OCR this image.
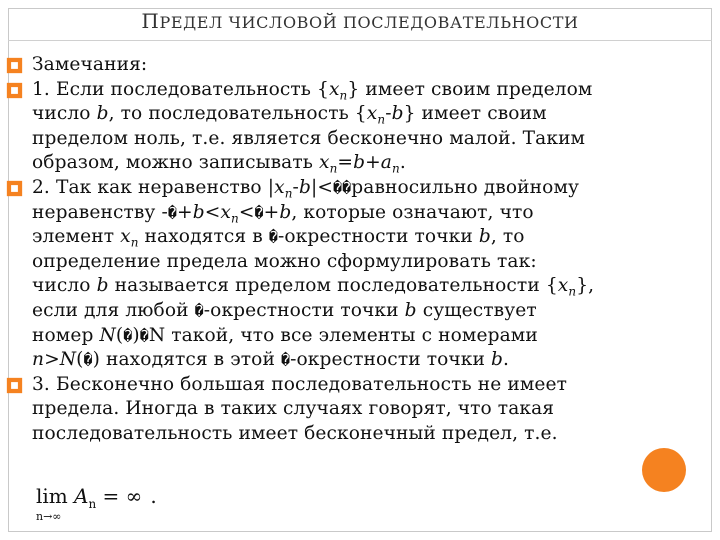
ПРЕДЕЛ ЧИСЛОВОЙ ПОСЛЕДОВАТЕЛЬНОСТИ
Замечания:
1. Если последовательность $\{x_n\}$ имеет своим пределом
число b, то последовательность $\{x_n-b\}$ имеет своим
пределом ноль, т.е. является бесконечно малой. Таким
образом, можно записывать $x_n=b+a_n$.
2. Так как неравенство $|x_n-b|<��равносильно$ двойному
неравенству $-�+b<x_n<�+b$, которые означают, что
элемент $x_n$ находятся в �-окрестности точки b, то
определение предела можно сформулировать так:
число b называется пределом последовательности $\{x_n\}$,
если для любой �-окрестности точки b существует
номер N(�)�N такой, что все элементы с номерами
n>N(�) находятся в этой �-окрестности точки b.
3. Бесконечно большая последовательность не имеет
предела. Иногда в таких случаях говорят, что такая
последовательность имеет бесконечный предел, т.е.
lim
n→∞
$A_n$ = ∞ .
